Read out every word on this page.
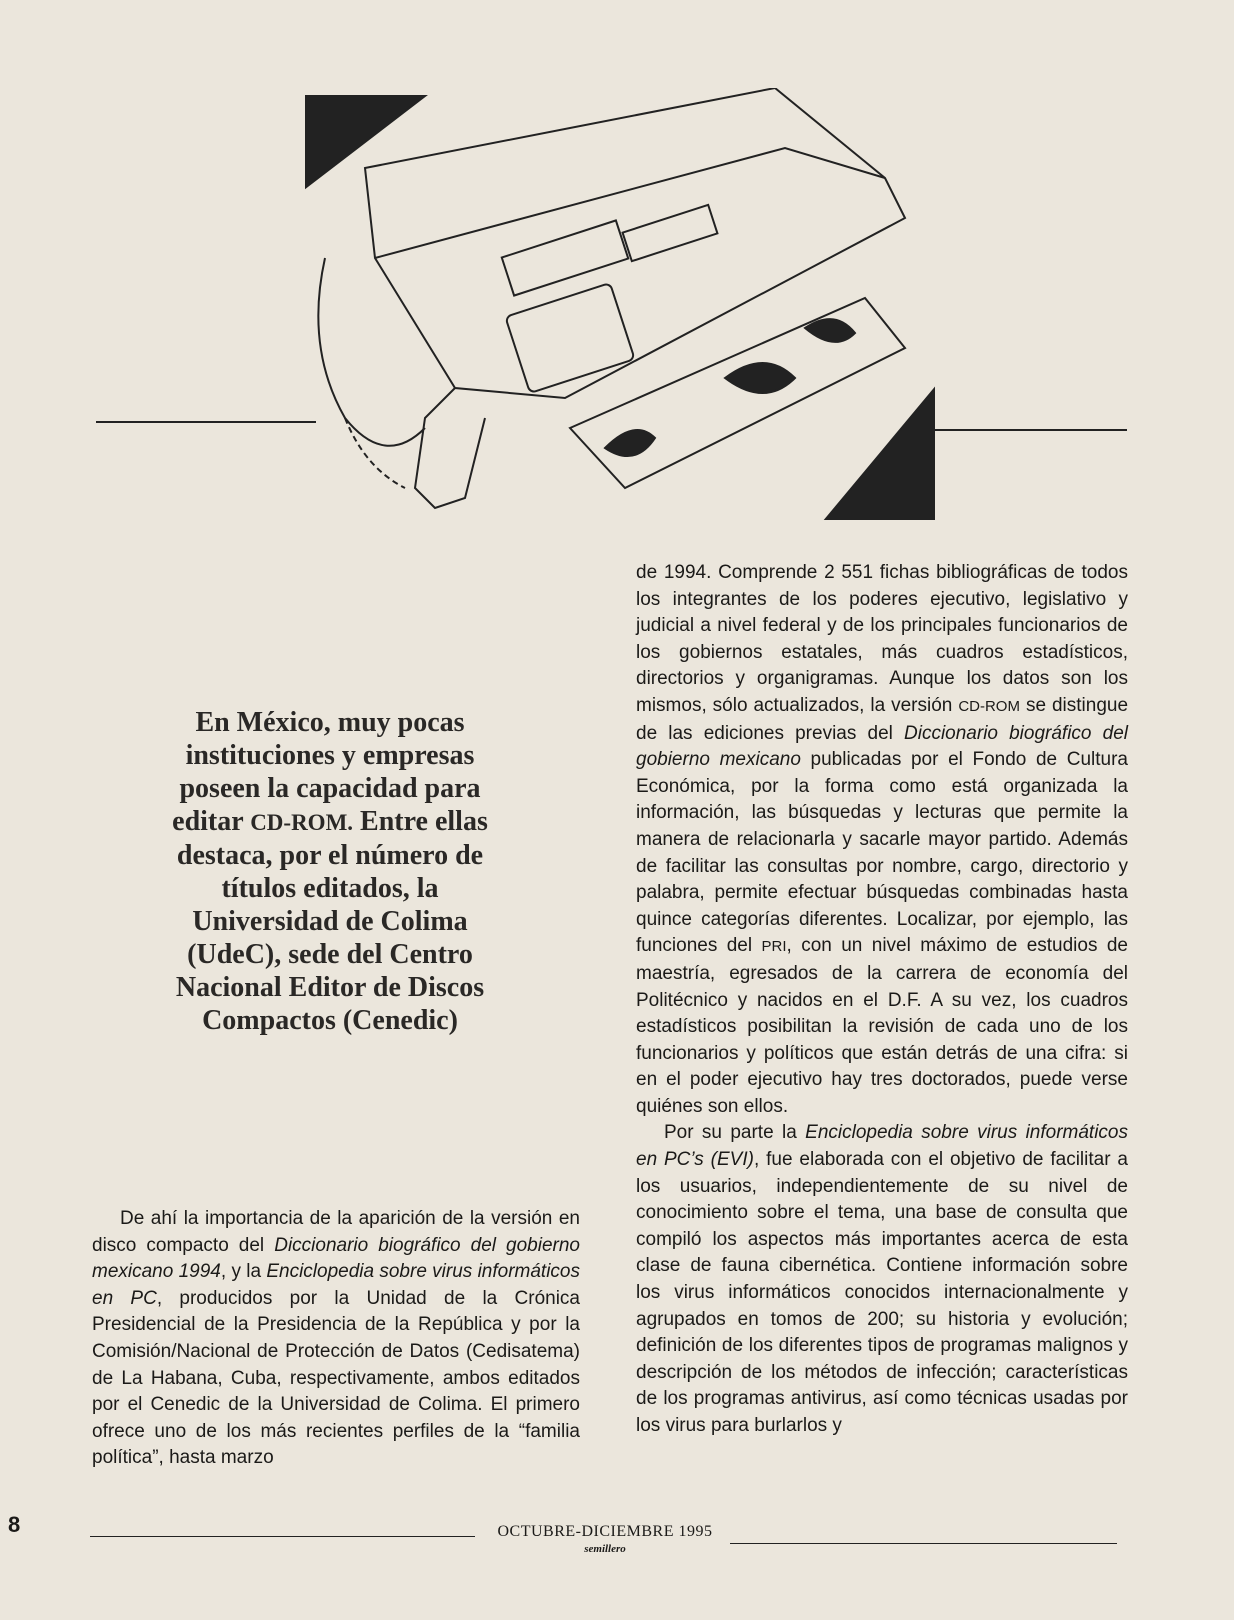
En México, muy pocas instituciones y empresas poseen la capacidad para editar CD-ROM. Entre ellas destaca, por el número de títulos editados, la Universidad de Colima (UdeC), sede del Centro Nacional Editor de Discos Compactos (Cenedic)

De ahí la importancia de la aparición de la versión en disco compacto del Diccionario biográfico del gobierno mexicano 1994, y la Enciclopedia sobre virus informáticos en PC, producidos por la Unidad de la Crónica Presidencial de la Presidencia de la República y por la Comisión/Nacional de Protección de Datos (Cedisatema) de La Habana, Cuba, respectivamente, ambos editados por el Cenedic de la Universidad de Colima. El primero ofrece uno de los más recientes perfiles de la “familia política”, hasta marzo

de 1994. Comprende 2 551 fichas bibliográficas de todos los integrantes de los poderes ejecutivo, legislativo y judicial a nivel federal y de los principales funcionarios de los gobiernos estatales, más cuadros estadísticos, directorios y organigramas. Aunque los datos son los mismos, sólo actualizados, la versión CD-ROM se distingue de las ediciones previas del Diccionario biográfico del gobierno mexicano publicadas por el Fondo de Cultura Económica, por la forma como está organizada la información, las búsquedas y lecturas que permite la manera de relacionarla y sacarle mayor partido. Además de facilitar las consultas por nombre, cargo, directorio y palabra, permite efectuar búsquedas combinadas hasta quince categorías diferentes. Localizar, por ejemplo, las funciones del PRI, con un nivel máximo de estudios de maestría, egresados de la carrera de economía del Politécnico y nacidos en el D.F. A su vez, los cuadros estadísticos posibilitan la revisión de cada uno de los funcionarios y políticos que están detrás de una cifra: si en el poder ejecutivo hay tres doctorados, puede verse quiénes son ellos.

Por su parte la Enciclopedia sobre virus informáticos en PC’s (EVI), fue elaborada con el objetivo de facilitar a los usuarios, independientemente de su nivel de conocimiento sobre el tema, una base de consulta que compiló los aspectos más importantes acerca de esta clase de fauna cibernética. Contiene información sobre los virus informáticos conocidos internacionalmente y agrupados en tomos de 200; su historia y evolución; definición de los diferentes tipos de programas malignos y descripción de los métodos de infección; características de los programas antivirus, así como técnicas usadas por los virus para burlarlos y

8	OCTUBRE-DICIEMBRE 1995
semillero
